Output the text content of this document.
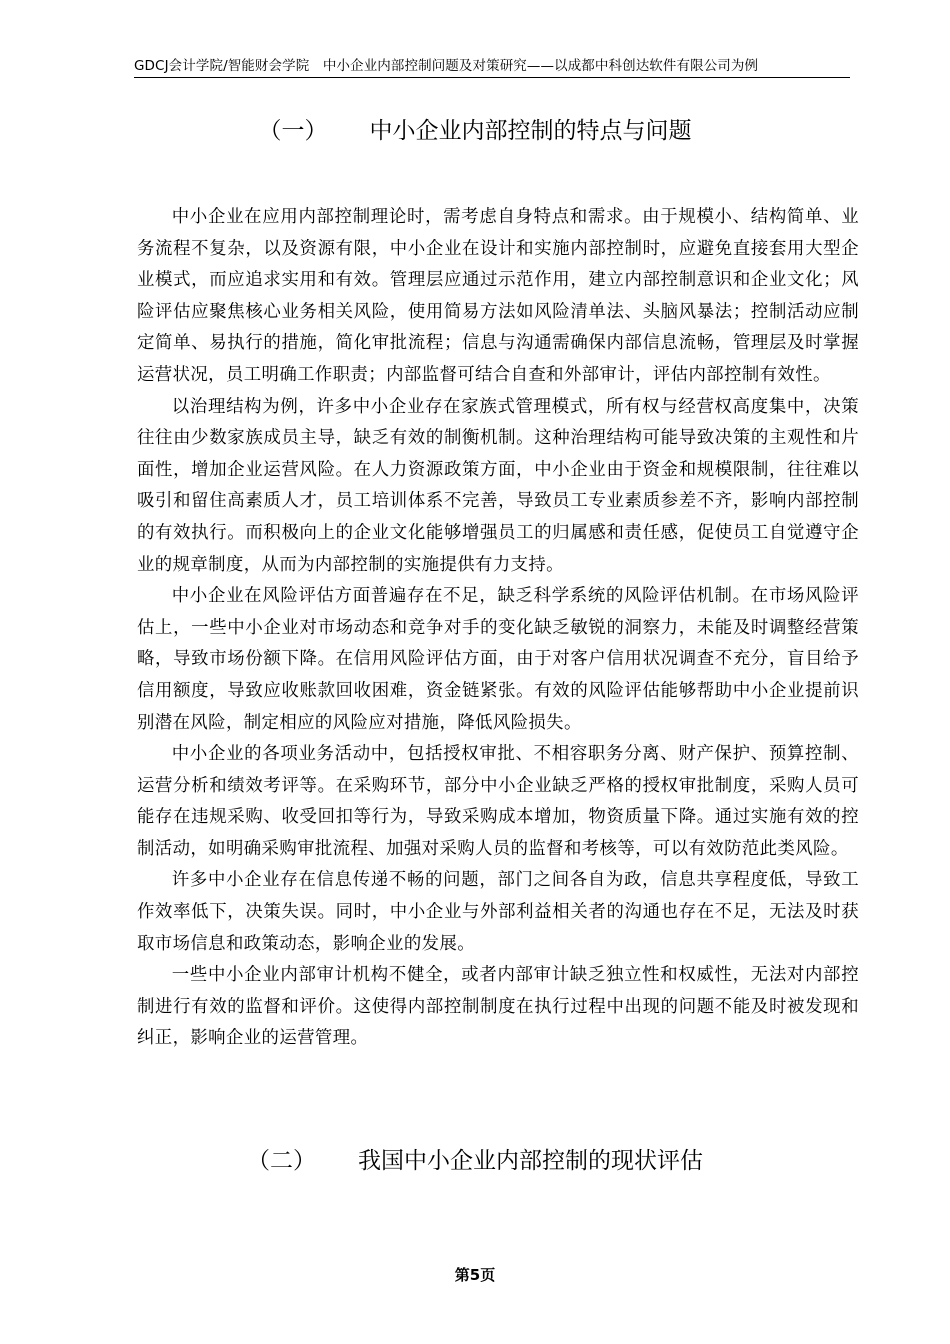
GDCJ会计学院/智能财会学院　中小企业内部控制问题及对策研究——以成都中科创达软件有限公司为例
（一） 中小企业内部控制的特点与问题

中小企业在应用内部控制理论时，需考虑自身特点和需求。由于规模小、结构简单、业务流程不复杂，以及资源有限，中小企业在设计和实施内部控制时，应避免直接套用大型企业模式，而应追求实用和有效。管理层应通过示范作用，建立内部控制意识和企业文化；风险评估应聚焦核心业务相关风险，使用简易方法如风险清单法、头脑风暴法；控制活动应制定简单、易执行的措施，简化审批流程；信息与沟通需确保内部信息流畅，管理层及时掌握运营状况，员工明确工作职责；内部监督可结合自查和外部审计，评估内部控制有效性。

以治理结构为例，许多中小企业存在家族式管理模式，所有权与经营权高度集中，决策往往由少数家族成员主导，缺乏有效的制衡机制。这种治理结构可能导致决策的主观性和片面性，增加企业运营风险。在人力资源政策方面，中小企业由于资金和规模限制，往往难以吸引和留住高素质人才，员工培训体系不完善，导致员工专业素质参差不齐，影响内部控制的有效执行。而积极向上的企业文化能够增强员工的归属感和责任感，促使员工自觉遵守企业的规章制度，从而为内部控制的实施提供有力支持。

中小企业在风险评估方面普遍存在不足，缺乏科学系统的风险评估机制。在市场风险评估上，一些中小企业对市场动态和竞争对手的变化缺乏敏锐的洞察力，未能及时调整经营策略，导致市场份额下降。在信用风险评估方面，由于对客户信用状况调查不充分，盲目给予信用额度，导致应收账款回收困难，资金链紧张。有效的风险评估能够帮助中小企业提前识别潜在风险，制定相应的风险应对措施，降低风险损失。

中小企业的各项业务活动中，包括授权审批、不相容职务分离、财产保护、预算控制、运营分析和绩效考评等。在采购环节，部分中小企业缺乏严格的授权审批制度，采购人员可能存在违规采购、收受回扣等行为，导致采购成本增加，物资质量下降。通过实施有效的控制活动，如明确采购审批流程、加强对采购人员的监督和考核等，可以有效防范此类风险。

许多中小企业存在信息传递不畅的问题，部门之间各自为政，信息共享程度低，导致工作效率低下，决策失误。同时，中小企业与外部利益相关者的沟通也存在不足，无法及时获取市场信息和政策动态，影响企业的发展。

一些中小企业内部审计机构不健全，或者内部审计缺乏独立性和权威性，无法对内部控制进行有效的监督和评价。这使得内部控制制度在执行过程中出现的问题不能及时被发现和纠正，影响企业的运营管理。

（二） 我国中小企业内部控制的现状评估
第5页
